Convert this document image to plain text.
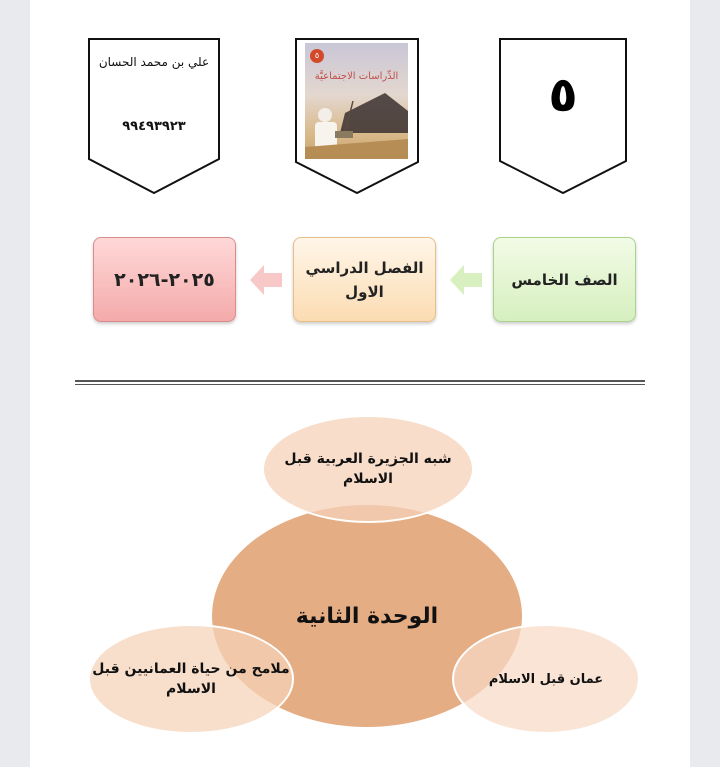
علي بن محمد الحسان
٩٩٤٩٣٩٢٣
٥
الدِّراسات الاجتماعيَّة	٥
الصف الخامس
الفصل الدراسي الاول
٢٠٢٥-٢٠٢٦
الوحدة الثانية
شبه الجزيرة العربية قبل الاسلام
ملامح من حياة العمانيين قبل الاسلام
عمان قبل الاسلام
